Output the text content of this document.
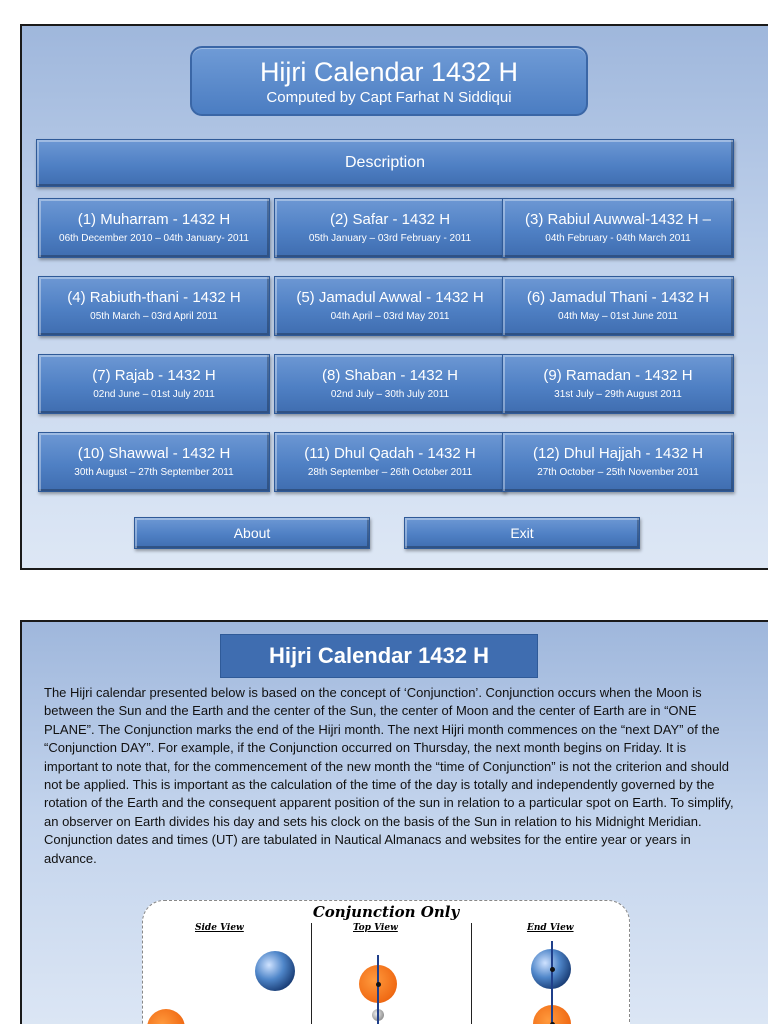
Hijri Calendar 1432 H
Computed by Capt Farhat N Siddiqui
Description
(1) Muharram - 1432 H
06th December 2010 – 04th January- 2011
(2) Safar - 1432 H
05th January – 03rd February - 2011
(3) Rabiul Auwwal-1432 H –
04th February - 04th March 2011
(4) Rabiuth-thani - 1432 H
05th March – 03rd April 2011
(5) Jamadul Awwal - 1432 H
04th April – 03rd May 2011
(6) Jamadul Thani - 1432 H
04th May – 01st June 2011
(7) Rajab - 1432 H
02nd June – 01st July 2011
(8) Shaban - 1432 H
02nd July – 30th July 2011
(9) Ramadan - 1432 H
31st July – 29th August 2011
(10) Shawwal - 1432 H
30th August – 27th September 2011
(11) Dhul Qadah - 1432 H
28th September – 26th October 2011
(12) Dhul Hajjah - 1432 H
27th October – 25th November 2011
About	Exit
Hijri Calendar 1432 H
The Hijri calendar presented below is based on the concept of ‘Conjunction’. Conjunction occurs when the Moon is between the Sun and the Earth and the center of the Sun, the center of Moon and the center of Earth are in “ONE PLANE”. The Conjunction marks the end of the Hijri month. The next Hijri month commences on the “next DAY” of the “Conjunction DAY”. For example, if the Conjunction occurred on Thursday, the next month begins on Friday. It is important to note that, for the commencement of the new month the “time of Conjunction” is not the criterion and should not be applied. This is important as the calculation of the time of the day is totally and independently governed by the rotation of the Earth and the consequent apparent position of the sun in relation to a particular spot on Earth. To simplify, an observer on Earth divides his day and sets his clock on the basis of the Sun in relation to his Midnight Meridian. Conjunction dates and times (UT) are tabulated in Nautical Almanacs and websites for the entire year or years in advance.
Conjunction Only
Side View	Top View	End View
